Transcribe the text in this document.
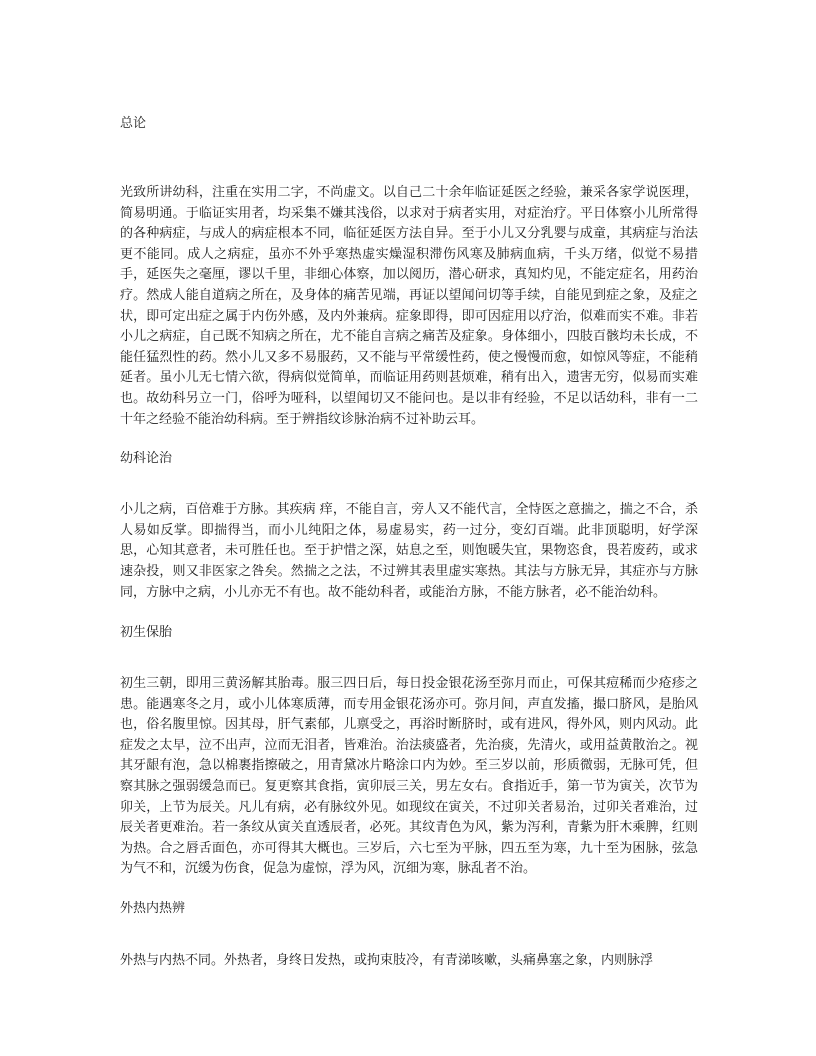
总论

光致所讲幼科，注重在实用二字，不尚虚文。以自己二十余年临证延医之经验，兼采各家学说医理，简易明通。于临证实用者，均采集不嫌其浅俗，以求对于病者实用，对症治疗。平日体察小儿所常得的各种病症，与成人的病症根本不同，临征延医方法自异。至于小儿又分乳婴与成童，其病症与治法更不能同。成人之病症，虽亦不外乎寒热虚实燥湿积滞伤风寒及肺病血病，千头万绪，似觉不易措手，延医失之毫厘，谬以千里，非细心体察，加以阅历，潜心研求，真知灼见，不能定症名，用药治疗。然成人能自道病之所在，及身体的痛苦见端，再证以望闻问切等手续，自能见到症之象，及症之状，即可定出症之属于内伤外感，及内外兼病。症象即得，即可因症用以疗治，似难而实不难。非若小儿之病症，自己既不知病之所在，尤不能自言病之痛苦及症象。身体细小，四肢百骸均未长成，不能任猛烈性的药。然小儿又多不易服药，又不能与平常缓性药，使之慢慢而愈，如惊风等症，不能稍延者。虽小儿无七情六欲，得病似觉简单，而临证用药则甚烦难，稍有出入，遗害无穷，似易而实难也。故幼科另立一门，俗呼为哑科，以望闻切又不能问也。是以非有经验，不足以话幼科，非有一二十年之经验不能治幼科病。至于辨指纹诊脉治病不过补助云耳。

幼科论治

小儿之病，百倍难于方脉。其疾病 痒，不能自言，旁人又不能代言，全恃医之意揣之，揣之不合，杀人易如反掌。即揣得当，而小儿纯阳之体，易虚易实，药一过分，变幻百端。此非顶聪明，好学深思，心知其意者，未可胜任也。至于护惜之深，姑息之至，则饱暖失宜，果物恣食，畏若废药，或求速杂投，则又非医家之咎矣。然揣之之法，不过辨其表里虚实寒热。其法与方脉无异，其症亦与方脉同，方脉中之病，小儿亦无不有也。故不能幼科者，或能治方脉，不能方脉者，必不能治幼科。

初生保胎

初生三朝，即用三黄汤解其胎毒。服三四日后，每日投金银花汤至弥月而止，可保其痘稀而少疮疹之患。能遇寒冬之月，或小儿体寒质薄，而专用金银花汤亦可。弥月间，声直发搐，撮口脐风，是胎风也，俗名腹里惊。因其母，肝气素郁，儿禀受之，再浴时断脐时，或有进风，得外风，则内风动。此症发之太早，泣不出声，泣而无泪者，皆难治。治法痰盛者，先治痰，先清火，或用益黄散治之。视其牙龈有泡，急以棉裹指擦破之，用青黛冰片略涂口内为妙。至三岁以前，形质微弱，无脉可凭，但察其脉之强弱缓急而已。复更察其食指，寅卯辰三关，男左女右。食指近手，第一节为寅关，次节为卯关，上节为辰关。凡儿有病，必有脉纹外见。如现纹在寅关，不过卯关者易治，过卯关者难治，过辰关者更难治。若一条纹从寅关直透辰者，必死。其纹青色为风，紫为泻利，青紫为肝木乘脾，红则为热。合之唇舌面色，亦可得其大概也。三岁后，六七至为平脉，四五至为寒，九十至为困脉，弦急为气不和，沉缓为伤食，促急为虚惊，浮为风，沉细为寒，脉乱者不治。

外热内热辨

外热与内热不同。外热者，身终日发热，或拘束肢冷，有青涕咳嗽，头痛鼻塞之象，内则脉浮
